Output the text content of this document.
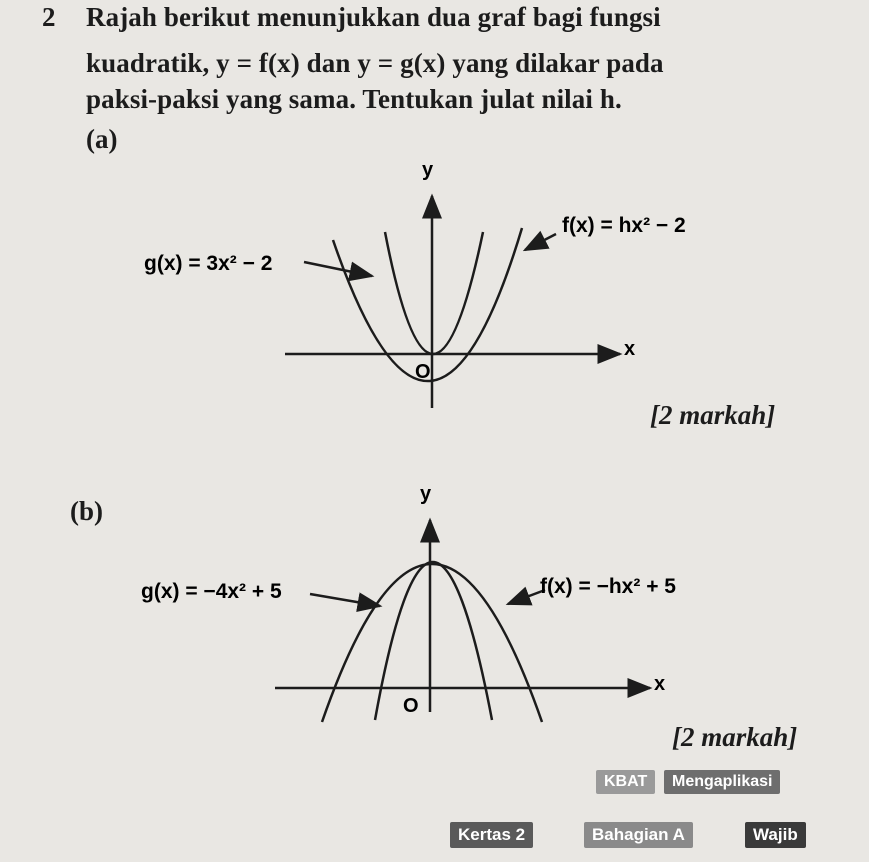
2 Rajah berikut menunjukkan dua graf bagi fungsi
kuadratik, y = f(x) dan y = g(x) yang dilakar pada
paksi-paksi yang sama. Tentukan julat nilai h.
(a)
y
x
O
g(x) = 3x² − 2
f(x) = hx² − 2
y
x
O
g(x) = −4x² + 5	f(x) = −hx² + 5
[2 markah]
(b)
[2 markah]
KBAT	Mengaplikasi
Kertas 2	Bahagian A	Wajib
